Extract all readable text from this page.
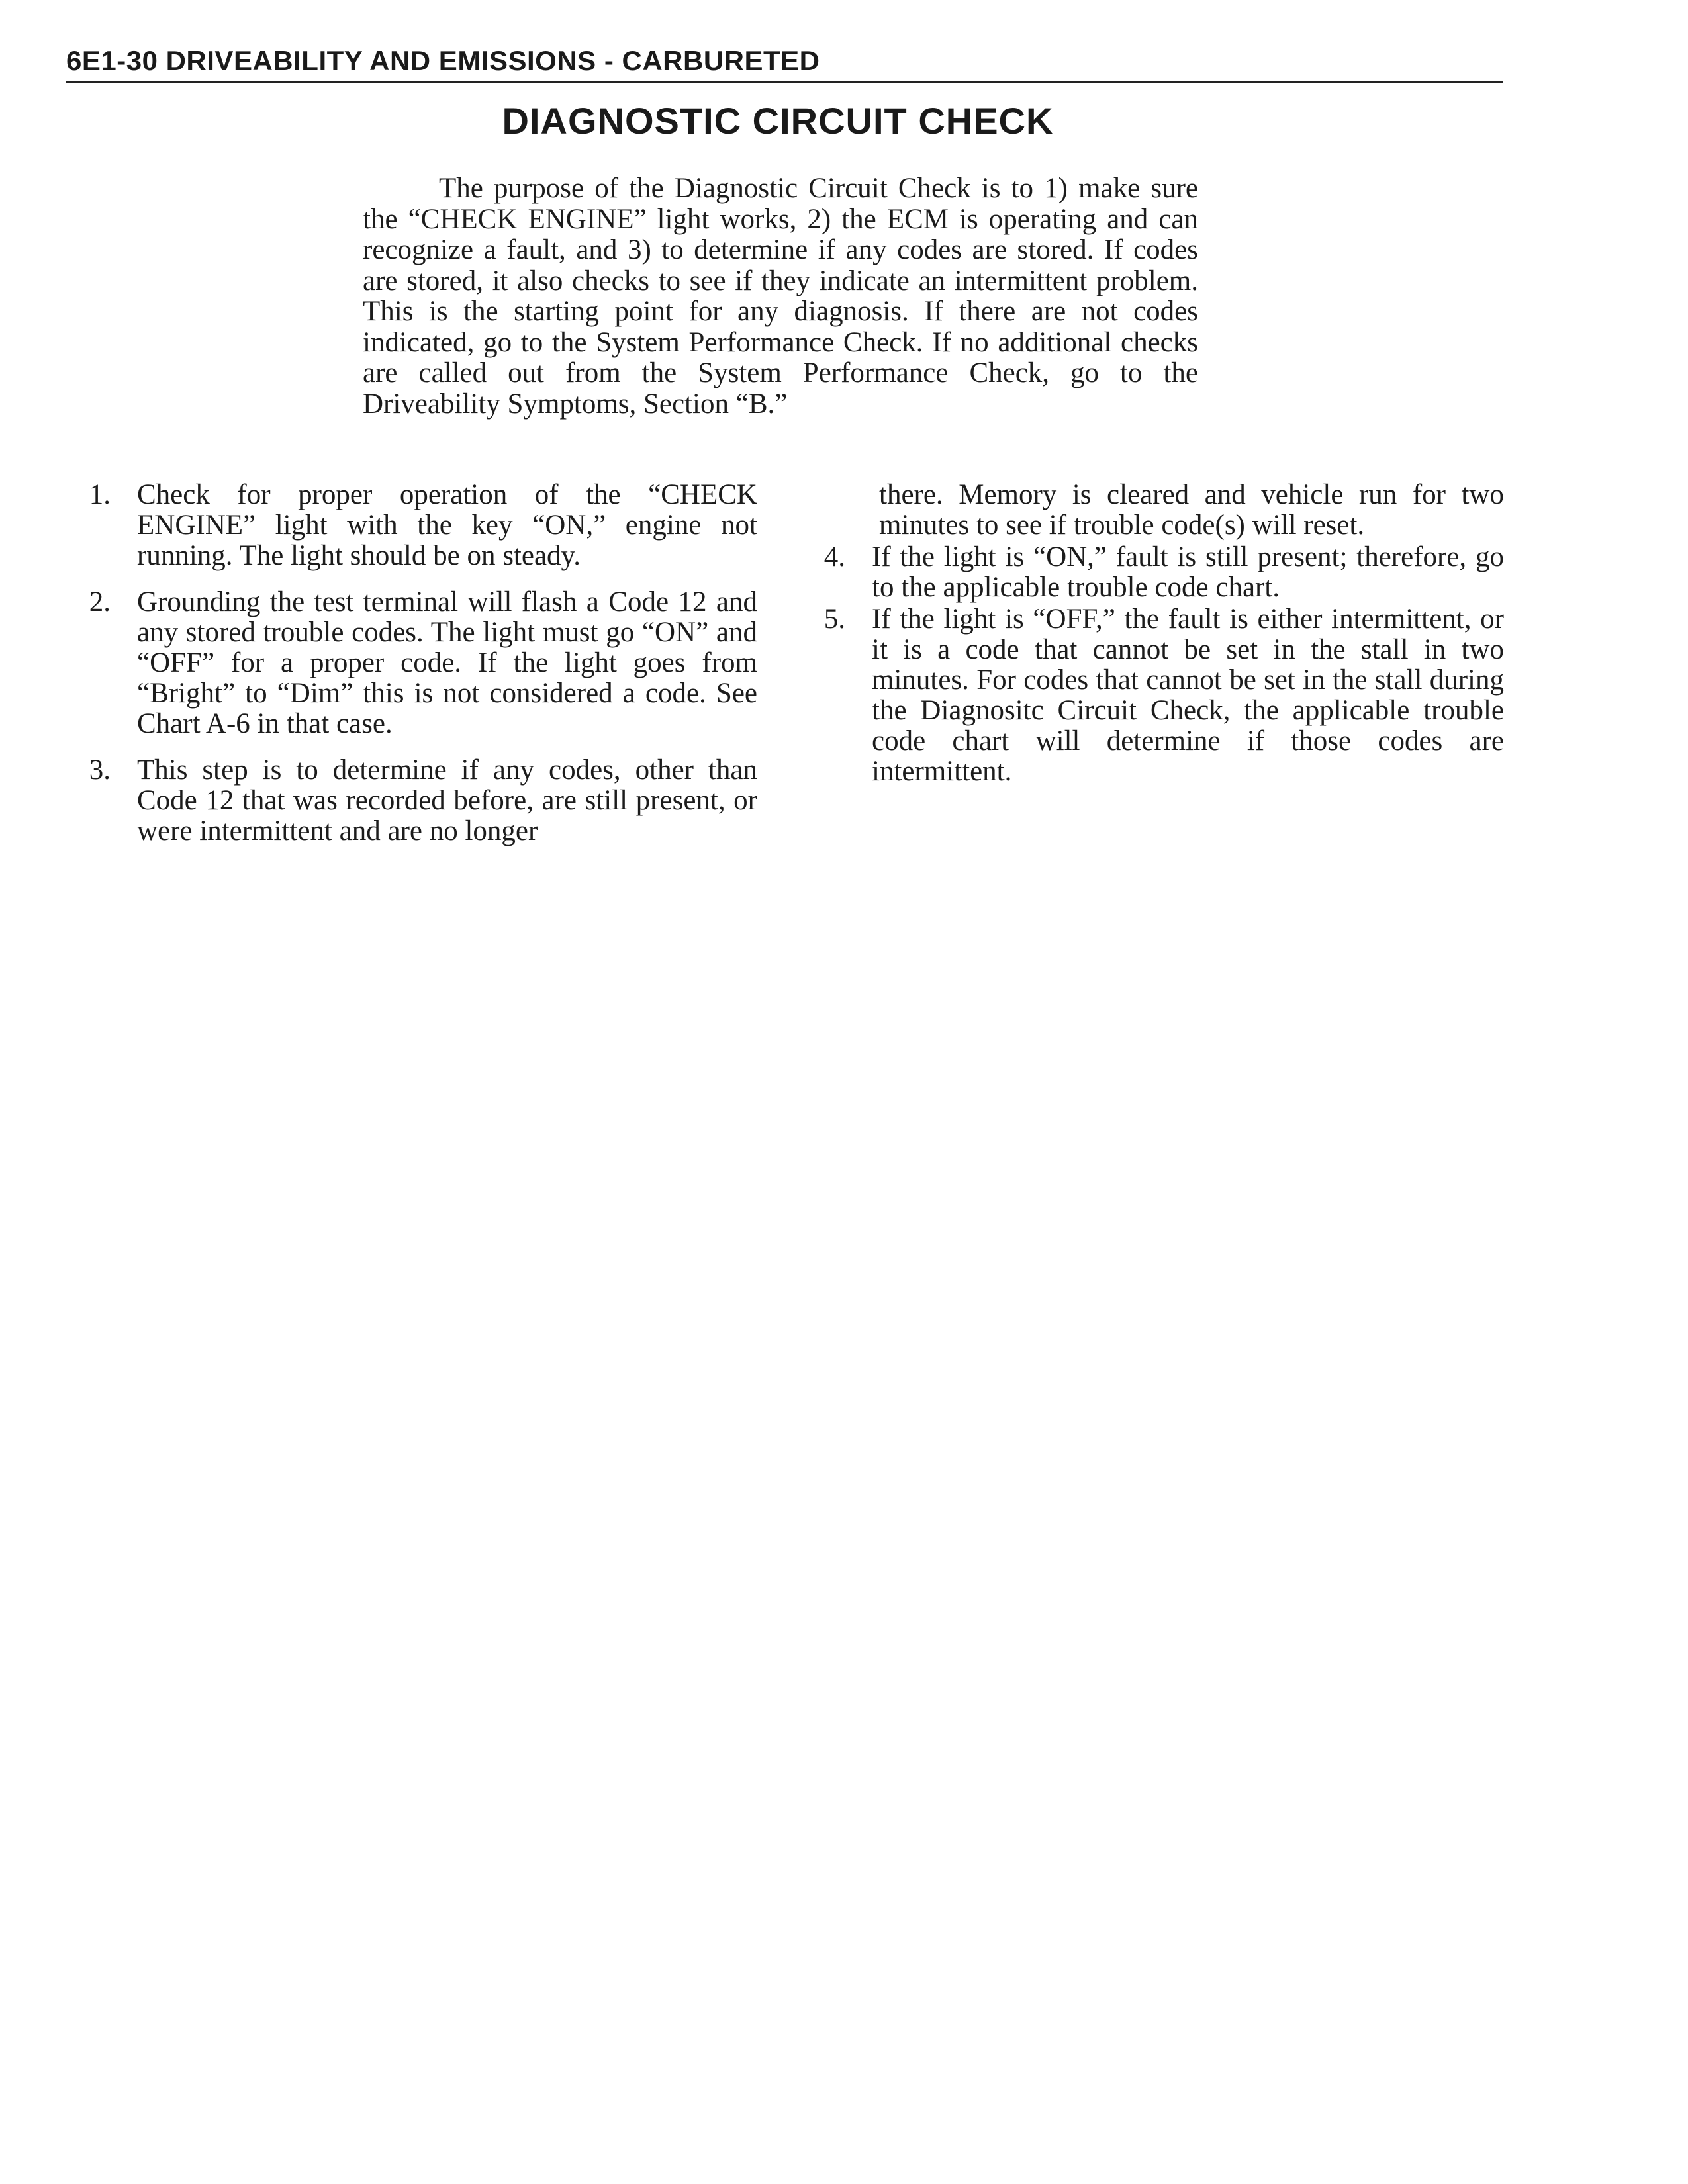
6E1-30 DRIVEABILITY AND EMISSIONS - CARBURETED
DIAGNOSTIC CIRCUIT CHECK

The purpose of the Diagnostic Circuit Check is to 1) make sure the “CHECK ENGINE” light works, 2) the ECM is operating and can recognize a fault, and 3) to determine if any codes are stored. If codes are stored, it also checks to see if they indicate an intermittent problem. This is the starting point for any diagnosis. If there are not codes indicated, go to the System Performance Check. If no additional checks are called out from the System Performance Check, go to the Driveability Symptoms, Section “B.”

1. Check for proper operation of the “CHECK ENGINE” light with the key “ON,” engine not running. The light should be on steady.

2. Grounding the test terminal will flash a Code 12 and any stored trouble codes. The light must go “ON” and “OFF” for a proper code. If the light goes from “Bright” to “Dim” this is not considered a code. See Chart A-6 in that case.

3. This step is to determine if any codes, other than Code 12 that was recorded before, are still present, or were intermittent and are no longer

there. Memory is cleared and vehicle run for two minutes to see if trouble code(s) will reset.

4. If the light is “ON,” fault is still present; therefore, go to the applicable trouble code chart.

5. If the light is “OFF,” the fault is either intermittent, or it is a code that cannot be set in the stall in two minutes. For codes that cannot be set in the stall during the Diagnositc Circuit Check, the applicable trouble code chart will determine if those codes are intermittent.
